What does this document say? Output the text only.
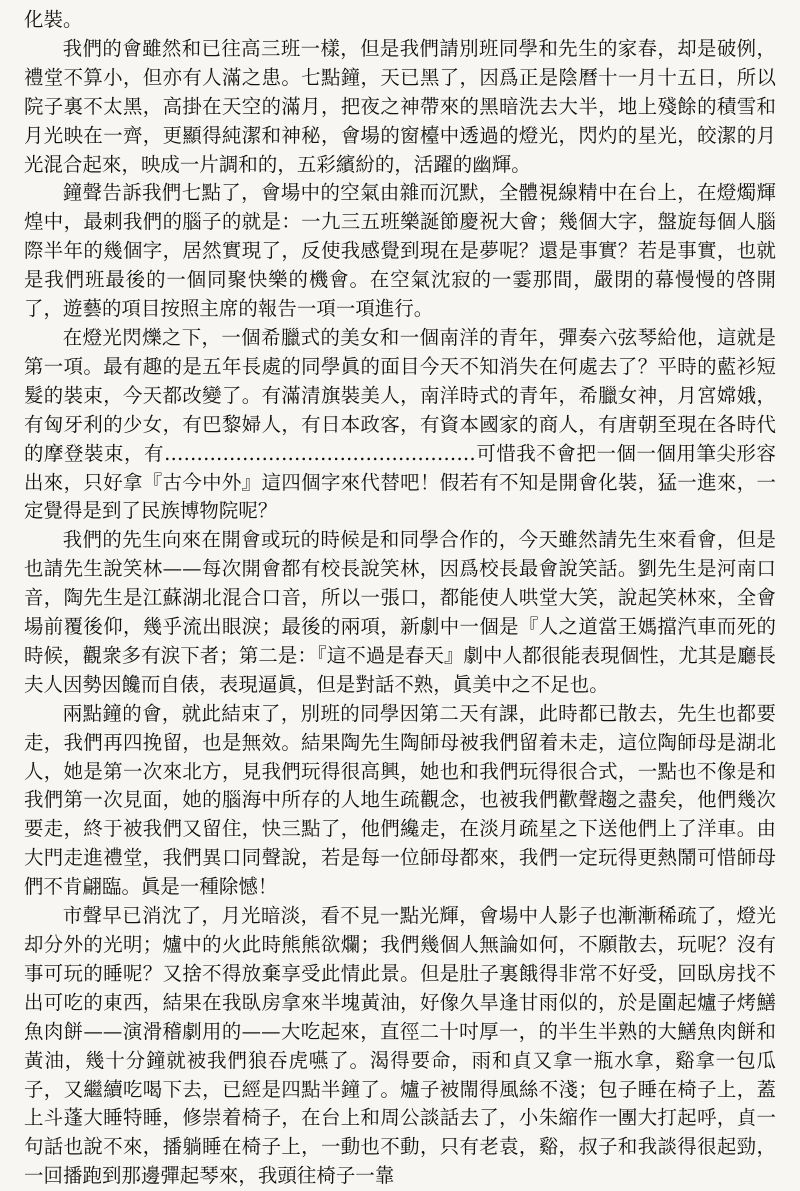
化裝。

我們的會雖然和已往高三班一樣，但是我們請別班同學和先生的家春，却是破例，禮堂不算小，但亦有人滿之患。七點鐘，天已黑了，因爲正是陰曆十一月十五日，所以院子裏不太黑，高掛在天空的滿月，把夜之神帶來的黑暗洗去大半，地上殘餘的積雪和月光映在一齊，更顯得純潔和神秘，會場的窗檯中透過的燈光，閃灼的星光，皎潔的月光混合起來，映成一片調和的，五彩繽紛的，活躍的幽輝。

鐘聲告訴我們七點了，會場中的空氣由雜而沉默，全體視線精中在台上，在燈燭輝煌中，最刺我們的腦子的就是：一九三五班樂誕節慶祝大會；幾個大字，盤旋每個人腦際半年的幾個字，居然實現了，反使我感覺到現在是夢呢？還是事實？若是事實，也就是我們班最後的一個同聚快樂的機會。在空氣沈寂的一霎那間，嚴閉的幕慢慢的啓開了，遊藝的項目按照主席的報告一項一項進行。

在燈光閃爍之下，一個希臘式的美女和一個南洋的青年，彈奏六弦琴給他，這就是第一項。最有趣的是五年長處的同學眞的面目今天不知消失在何處去了？平時的藍衫短髮的裝束，今天都改變了。有滿清旗裝美人，南洋時式的青年，希臘女神，月宮嫦娥，有匈牙利的少女，有巴黎婦人，有日本政客，有資本國家的商人，有唐朝至現在各時代的摩登裝束，有…………………………………………可惜我不會把一個一個用筆尖形容出來，只好拿『古今中外』這四個字來代替吧！假若有不知是開會化裝，猛一進來，一定覺得是到了民族博物院呢？

我們的先生向來在開會或玩的時候是和同學合作的，今天雖然請先生來看會，但是也請先生說笑林——每次開會都有校長說笑林，因爲校長最會說笑話。劉先生是河南口音，陶先生是江蘇湖北混合口音，所以一張口，都能使人哄堂大笑，說起笑林來，全會場前覆後仰，幾乎流出眼淚；最後的兩項，新劇中一個是『人之道當王媽擋汽車而死的時候，觀衆多有涙下者；第二是：『這不過是春天』劇中人都很能表現個性，尤其是廳長夫人因勢因饞而自俵，表現逼眞，但是對話不熟，眞美中之不足也。

兩點鐘的會，就此結束了，別班的同學因第二天有課，此時都已散去，先生也都要走，我們再四挽留，也是無效。結果陶先生陶師母被我們留着未走，這位陶師母是湖北人，她是第一次來北方，見我們玩得很高興，她也和我們玩得很合式，一點也不像是和我們第一次見面，她的腦海中所存的人地生疏觀念，也被我們歡聲趨之盡矣，他們幾次要走，終于被我們又留住，快三點了，他們纔走，在淡月疏星之下送他們上了洋車。由大門走進禮堂，我們異口同聲說，若是每一位師母都來，我們一定玩得更熱鬧可惜師母們不肯翩臨。眞是一種除憾！

市聲早已消沈了，月光暗淡，看不見一點光輝，會場中人影子也漸漸稀疏了，燈光却分外的光明；爐中的火此時熊熊欲爛；我們幾個人無論如何，不願散去，玩呢？沒有事可玩的睡呢？又捨不得放棄享受此情此景。但是肚子裏餓得非常不好受，回臥房找不出可吃的東西，結果在我臥房拿來半塊黃油，好像久旱逢甘雨似的，於是圍起爐子烤鱔魚肉餅——演滑稽劇用的——大吃起來，直徑二十吋厚一，的半生半熟的大鱔魚肉餅和黃油，幾十分鐘就被我們狼吞虎嚥了。渴得要命，雨和貞又拿一瓶水拿，谿拿一包瓜子，又繼續吃喝下去，已經是四點半鐘了。爐子被閙得風絲不淺；包子睡在椅子上，蓋上斗蓬大睡特睡，修崇着椅子，在台上和周公談話去了，小朱縮作一團大打起呼，貞一句話也說不來，播躺睡在椅子上，一動也不動，只有老袁，谿，叔子和我談得很起勁，一回播跑到那邊彈起琴來，我頭往椅子一靠
